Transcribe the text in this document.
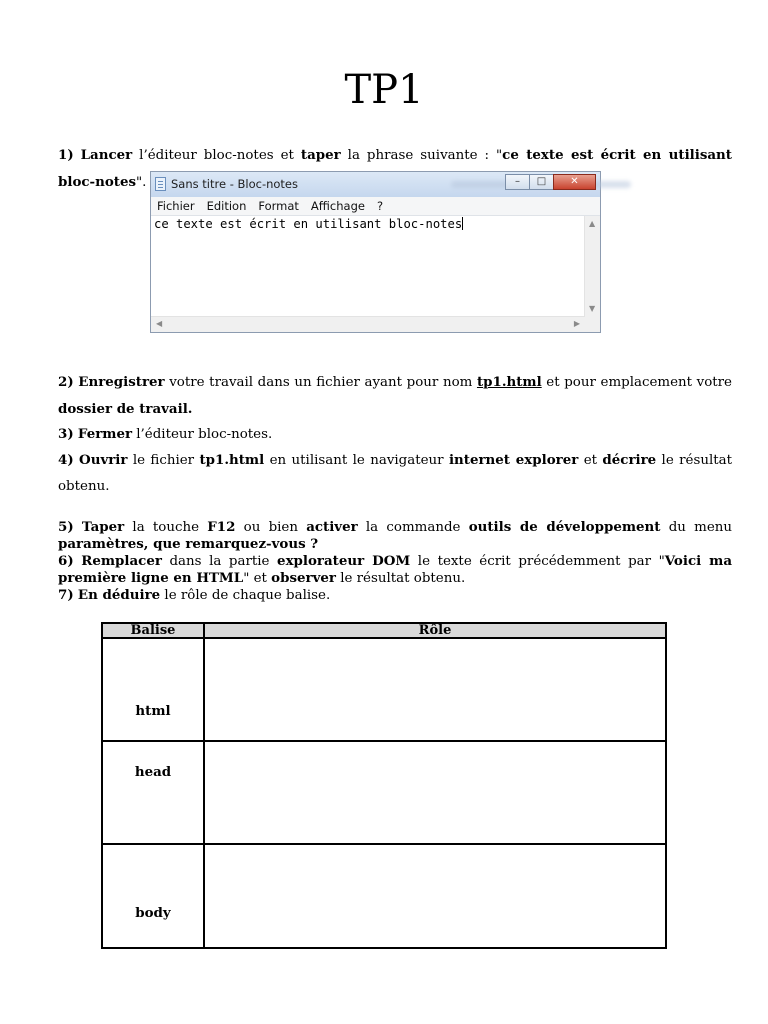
TP1
1) Lancer l’éditeur bloc-notes et taper la phrase suivante : "ce texte est écrit en utilisant bloc-notes".	Sans titre - Bloc-notes	–	□	✕
Fichier Edition Format Affichage ?
ce texte est écrit en utilisant bloc-notes	▲
▼
◀	▶
2) Enregistrer votre travail dans un fichier ayant pour nom tp1.html et pour emplacement votre dossier de travail.
3) Fermer l’éditeur bloc-notes.
4) Ouvrir le fichier tp1.html en utilisant le navigateur internet explorer et décrire le résultat obtenu.
5) Taper la touche F12 ou bien activer la commande outils de développement du menu paramètres, que remarquez-vous ?
6) Remplacer dans la partie explorateur DOM le texte écrit précédemment par "Voici ma première ligne en HTML" et observer le résultat obtenu.
7) En déduire le rôle de chaque balise.
Balise	Rôle

html	

head	

body	
